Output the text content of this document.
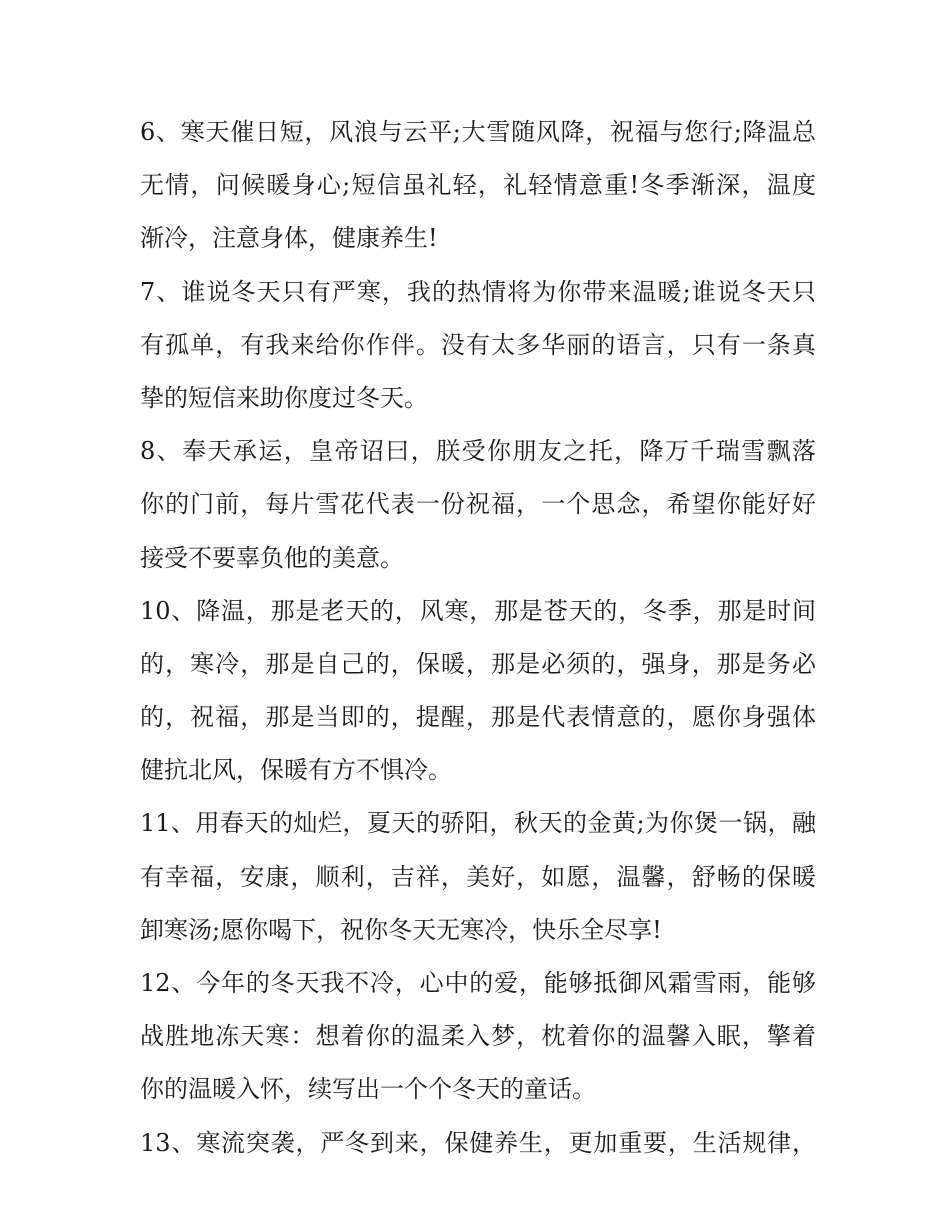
6、寒天催日短，风浪与云平;大雪随风降，祝福与您行;降温总
无情，问候暖身心;短信虽礼轻，礼轻情意重!冬季渐深，温度
渐冷，注意身体，健康养生!
7、谁说冬天只有严寒，我的热情将为你带来温暖;谁说冬天只
有孤单，有我来给你作伴。没有太多华丽的语言，只有一条真
挚的短信来助你度过冬天。
8、奉天承运，皇帝诏曰，朕受你朋友之托，降万千瑞雪飘落
你的门前，每片雪花代表一份祝福，一个思念，希望你能好好
接受不要辜负他的美意。
10、降温，那是老天的，风寒，那是苍天的，冬季，那是时间
的，寒冷，那是自己的，保暖，那是必须的，强身，那是务必
的，祝福，那是当即的，提醒，那是代表情意的，愿你身强体
健抗北风，保暖有方不惧冷。
11、用春天的灿烂，夏天的骄阳，秋天的金黄;为你煲一锅，融
有幸福，安康，顺利，吉祥，美好，如愿，温馨，舒畅的保暖
卸寒汤;愿你喝下，祝你冬天无寒冷，快乐全尽享!
12、今年的冬天我不冷，心中的爱，能够抵御风霜雪雨，能够
战胜地冻天寒：想着你的温柔入梦，枕着你的温馨入眠，擎着
你的温暖入怀，续写出一个个冬天的童话。
13、寒流突袭，严冬到来，保健养生，更加重要，生活规律，
